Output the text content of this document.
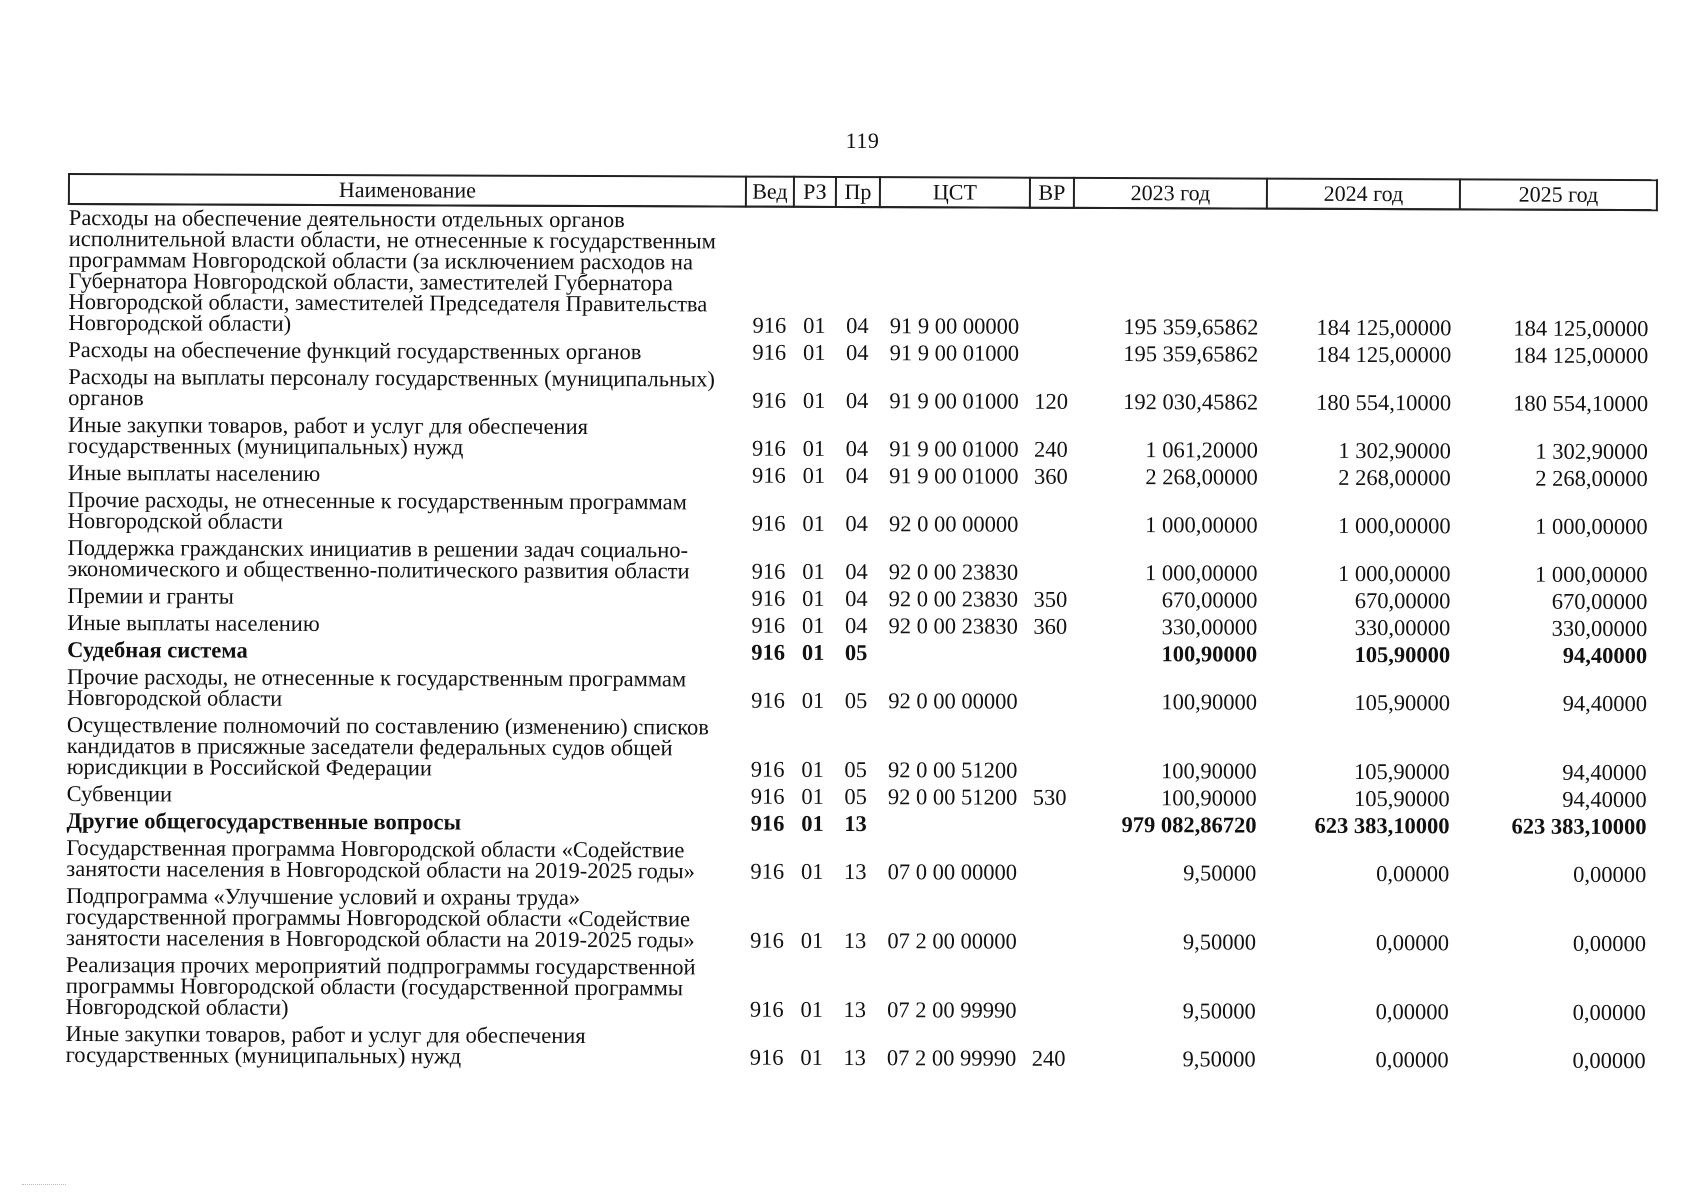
119
Наименование	Вед	РЗ	Пр	ЦСТ	ВР	2023 год	2024 год	2025 год
Расходы на обеспечение деятельности отдельных органов исполнительной власти области, не отнесенные к государственным программам Новгородской области (за исключением расходов на Губернатора Новгородской области, заместителей Губернатора Новгородской области, заместителей Председателя Правительства Новгородской области)	916	01	04	91 9 00 00000		195 359,65862	184 125,00000	184 125,00000
Расходы на обеспечение функций государственных органов	916	01	04	91 9 00 01000		195 359,65862	184 125,00000	184 125,00000
Расходы на выплаты персоналу государственных (муниципальных) органов	916	01	04	91 9 00 01000	120	192 030,45862	180 554,10000	180 554,10000
Иные закупки товаров, работ и услуг для обеспечения государственных (муниципальных) нужд	916	01	04	91 9 00 01000	240	1 061,20000	1 302,90000	1 302,90000
Иные выплаты населению	916	01	04	91 9 00 01000	360	2 268,00000	2 268,00000	2 268,00000
Прочие расходы, не отнесенные к государственным программам Новгородской области	916	01	04	92 0 00 00000		1 000,00000	1 000,00000	1 000,00000
Поддержка гражданских инициатив в решении задач социально-экономического и общественно-политического развития области	916	01	04	92 0 00 23830		1 000,00000	1 000,00000	1 000,00000
Премии и гранты	916	01	04	92 0 00 23830	350	670,00000	670,00000	670,00000
Иные выплаты населению	916	01	04	92 0 00 23830	360	330,00000	330,00000	330,00000
Судебная система	916	01	05			100,90000	105,90000	94,40000
Прочие расходы, не отнесенные к государственным программам Новгородской области	916	01	05	92 0 00 00000		100,90000	105,90000	94,40000
Осуществление полномочий по составлению (изменению) списков кандидатов в присяжные заседатели федеральных судов общей юрисдикции в Российской Федерации	916	01	05	92 0 00 51200		100,90000	105,90000	94,40000
Субвенции	916	01	05	92 0 00 51200	530	100,90000	105,90000	94,40000
Другие общегосударственные вопросы	916	01	13			979 082,86720	623 383,10000	623 383,10000
Государственная программа Новгородской области «Содействие занятости населения в Новгородской области на 2019-2025 годы»	916	01	13	07 0 00 00000		9,50000	0,00000	0,00000
Подпрограмма «Улучшение условий и охраны труда» государственной программы Новгородской области «Содействие занятости населения в Новгородской области на 2019-2025 годы»	916	01	13	07 2 00 00000		9,50000	0,00000	0,00000
Реализация прочих мероприятий подпрограммы государственной программы Новгородской области (государственной программы Новгородской области)	916	01	13	07 2 00 99990		9,50000	0,00000	0,00000
Иные закупки товаров, работ и услуг для обеспечения государственных (муниципальных) нужд	916	01	13	07 2 00 99990	240	9,50000	0,00000	0,00000
